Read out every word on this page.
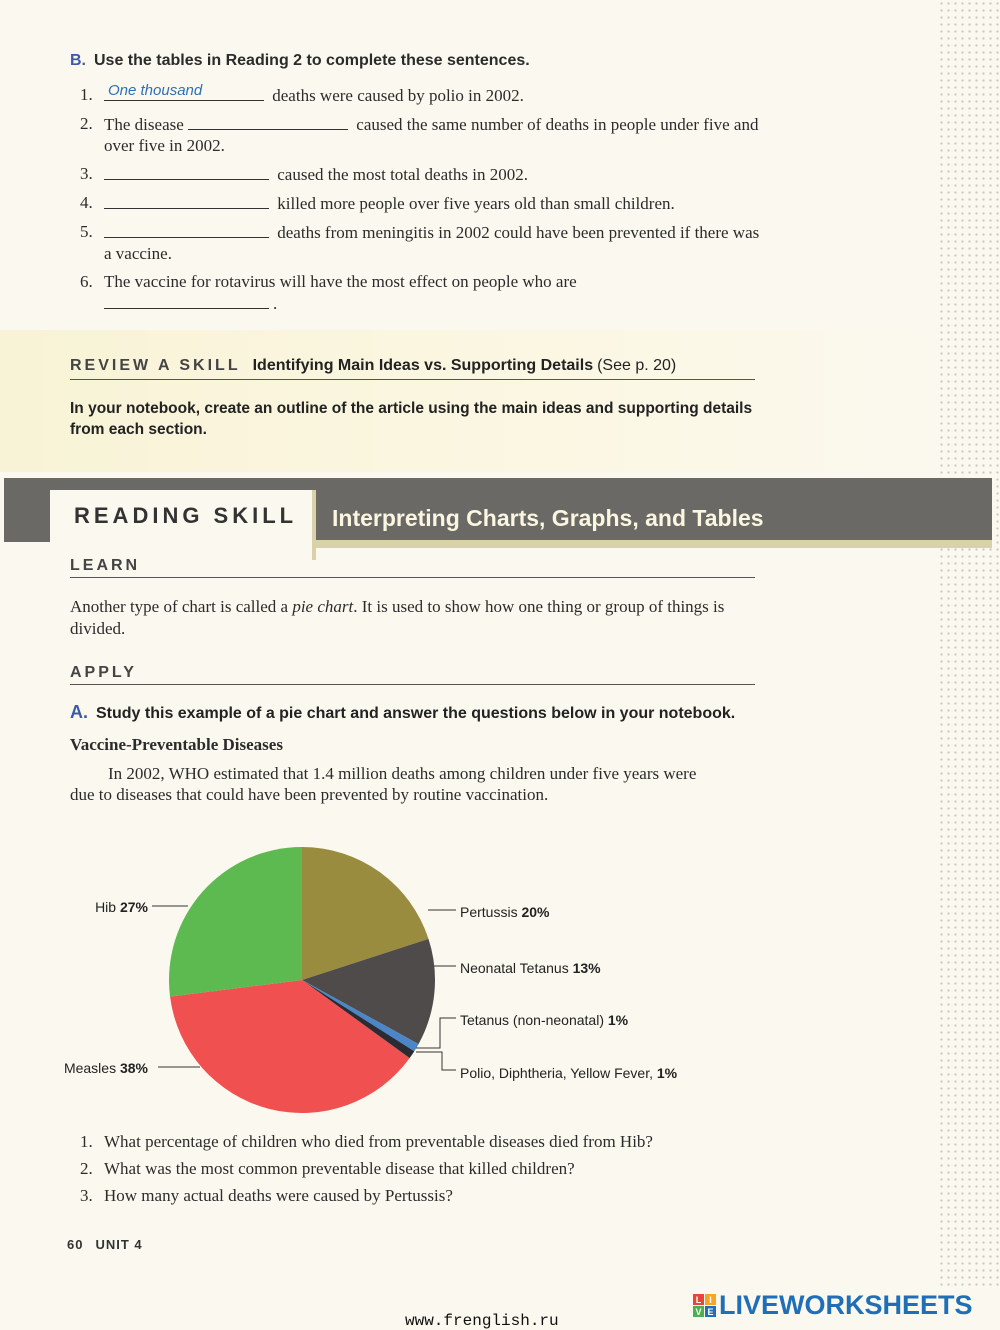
B. Use the tables in Reading 2 to complete these sentences.
1. One thousand	deaths were caused by polio in 2002.
2. The disease	caused the same number of deaths in people under five and over five in 2002.
3.	caused the most total deaths in 2002.
4.	killed more people over five years old than small children.
5.	deaths from meningitis in 2002 could have been prevented if there was a vaccine.
6. The vaccine for rotavirus will have the most effect on people who are
.
REVIEW A SKILL Identifying Main Ideas vs. Supporting Details (See p. 20)
In your notebook, create an outline of the article using the main ideas and supporting details from each section.
READING SKILL Interpreting Charts, Graphs, and Tables
LEARN
Another type of chart is called a pie chart. It is used to show how one thing or group of things is divided.
APPLY
A. Study this example of a pie chart and answer the questions below in your notebook.
Vaccine-Preventable Diseases
In 2002, WHO estimated that 1.4 million deaths among children under five years were due to diseases that could have been prevented by routine vaccination.
Pertussis 20%
Neonatal Tetanus 13%
Tetanus (non-neonatal) 1%
Polio, Diphtheria, Yellow Fever, 1%
Measles 38%
Hib 27%
1. What percentage of children who died from preventable diseases died from Hib?
2. What was the most common preventable disease that killed children?
3. How many actual deaths were caused by Pertussis?
60 UNIT 4
www.frenglish.ru
L I
V E LIVEWORKSHEETS
